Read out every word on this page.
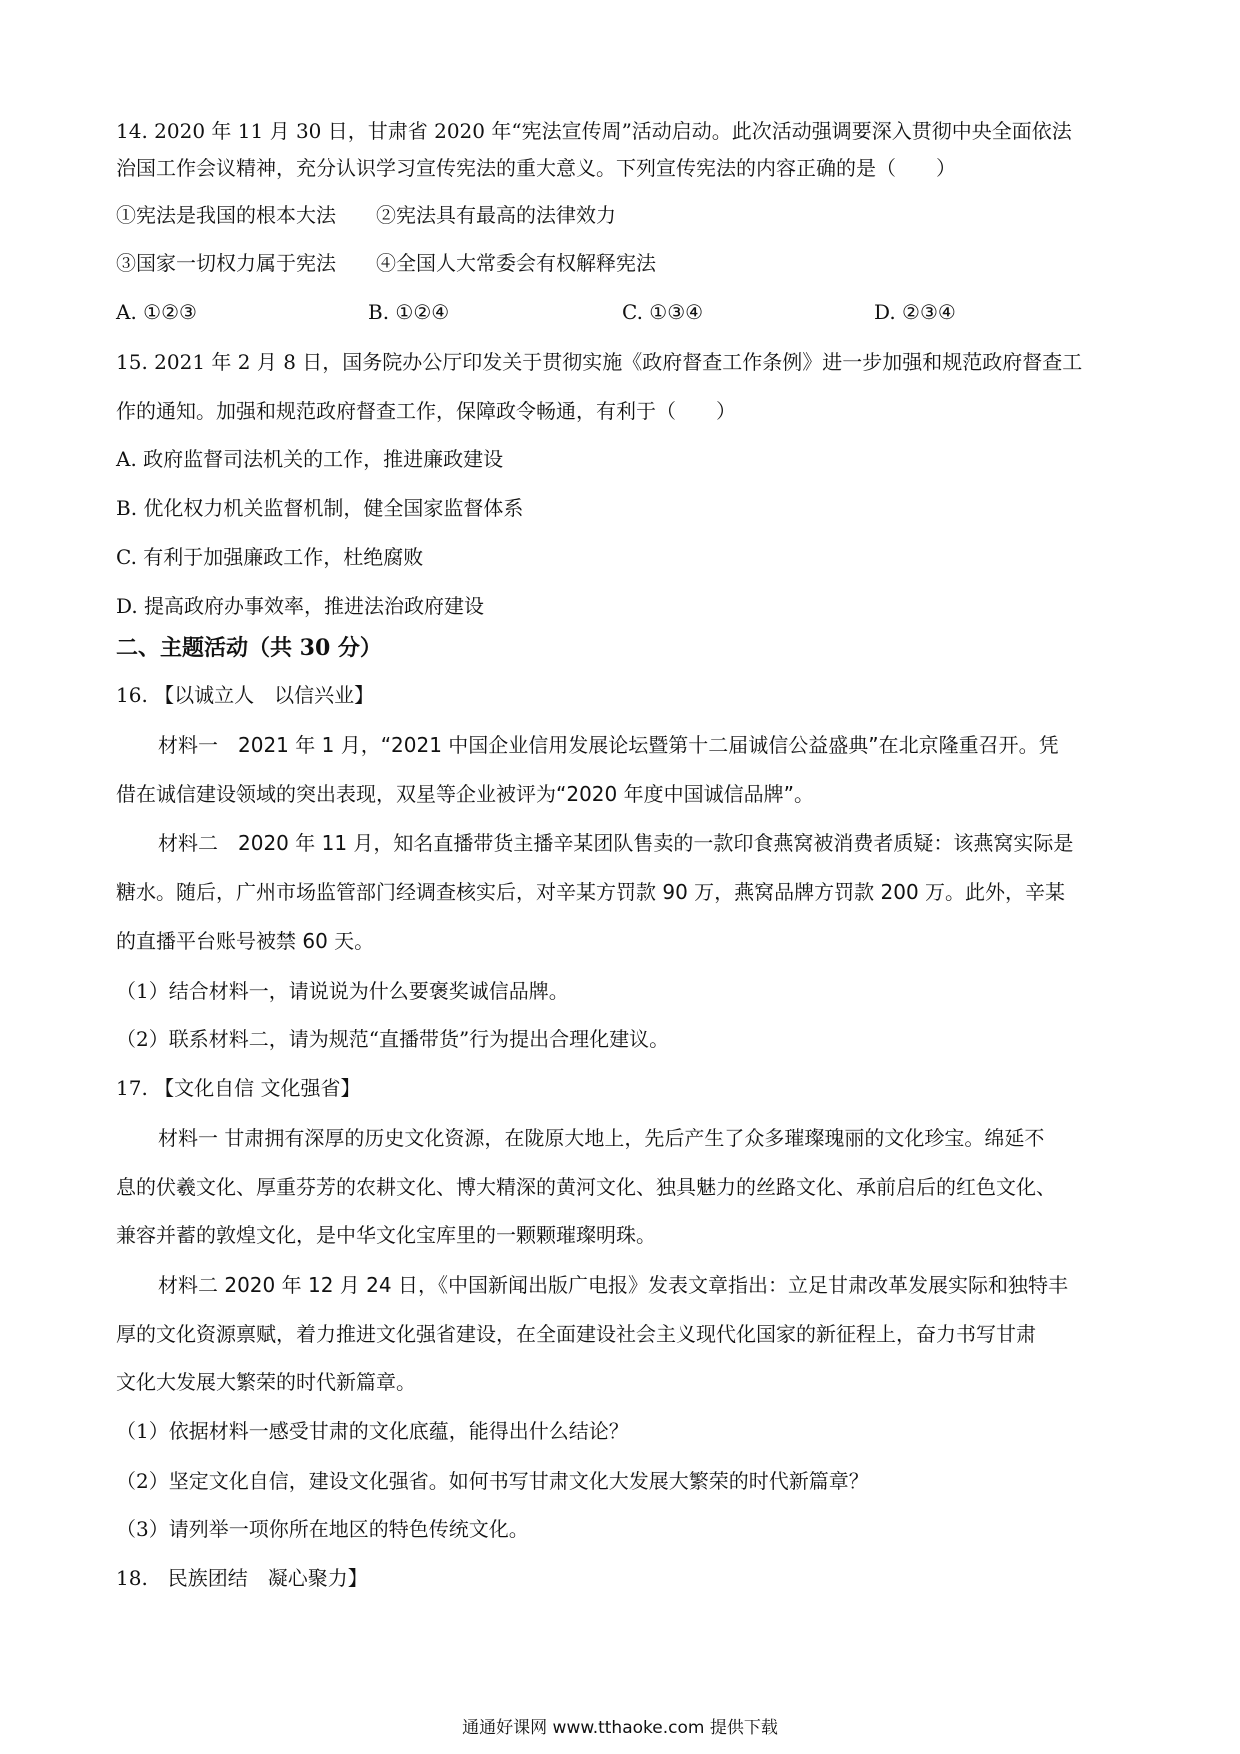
14. 2020 年 11 月 30 日，甘肃省 2020 年“宪法宣传周”活动启动。此次活动强调要深入贯彻中央全面依法
治国工作会议精神，充分认识学习宣传宪法的重大意义。下列宣传宪法的内容正确的是（　　）
①宪法是我国的根本大法　　②宪法具有最高的法律效力
③国家一切权力属于宪法　　④全国人大常委会有权解释宪法
A. ①②③	B. ①②④	C. ①③④	D. ②③④
15. 2021 年 2 月 8 日，国务院办公厅印发关于贯彻实施《政府督查工作条例》进一步加强和规范政府督查工
作的通知。加强和规范政府督查工作，保障政令畅通，有利于（　　）
A. 政府监督司法机关的工作，推进廉政建设
B. 优化权力机关监督机制，健全国家监督体系
C. 有利于加强廉政工作，杜绝腐败
D. 提高政府办事效率，推进法治政府建设
二、主题活动（共 30 分）
16. 【以诚立人　以信兴业】
材料一　2021 年 1 月，“2021 中国企业信用发展论坛暨第十二届诚信公益盛典”在北京隆重召开。凭
借在诚信建设领域的突出表现，双星等企业被评为“2020 年度中国诚信品牌”。
材料二　2020 年 11 月，知名直播带货主播辛某团队售卖的一款印食燕窝被消费者质疑：该燕窝实际是
糖水。随后，广州市场监管部门经调查核实后，对辛某方罚款 90 万，燕窝品牌方罚款 200 万。此外，辛某
的直播平台账号被禁 60 天。
（1）结合材料一，请说说为什么要褒奖诚信品牌。
（2）联系材料二，请为规范“直播带货”行为提出合理化建议。
17. 【文化自信 文化强省】
材料一 甘肃拥有深厚的历史文化资源，在陇原大地上，先后产生了众多璀璨瑰丽的文化珍宝。绵延不
息的伏羲文化、厚重芬芳的农耕文化、博大精深的黄河文化、独具魅力的丝路文化、承前启后的红色文化、
兼容并蓄的敦煌文化，是中华文化宝库里的一颗颗璀璨明珠。
材料二 2020 年 12 月 24 日，《中国新闻出版广电报》发表文章指出：立足甘肃改革发展实际和独特丰
厚的文化资源禀赋，着力推进文化强省建设，在全面建设社会主义现代化国家的新征程上，奋力书写甘肃
文化大发展大繁荣的时代新篇章。
（1）依据材料一感受甘肃的文化底蕴，能得出什么结论？
（2）坚定文化自信，建设文化强省。如何书写甘肃文化大发展大繁荣的时代新篇章？
（3）请列举一项你所在地区的特色传统文化。
18.　民族团结　凝心聚力】
通通好课网 www.tthaoke.com 提供下载
